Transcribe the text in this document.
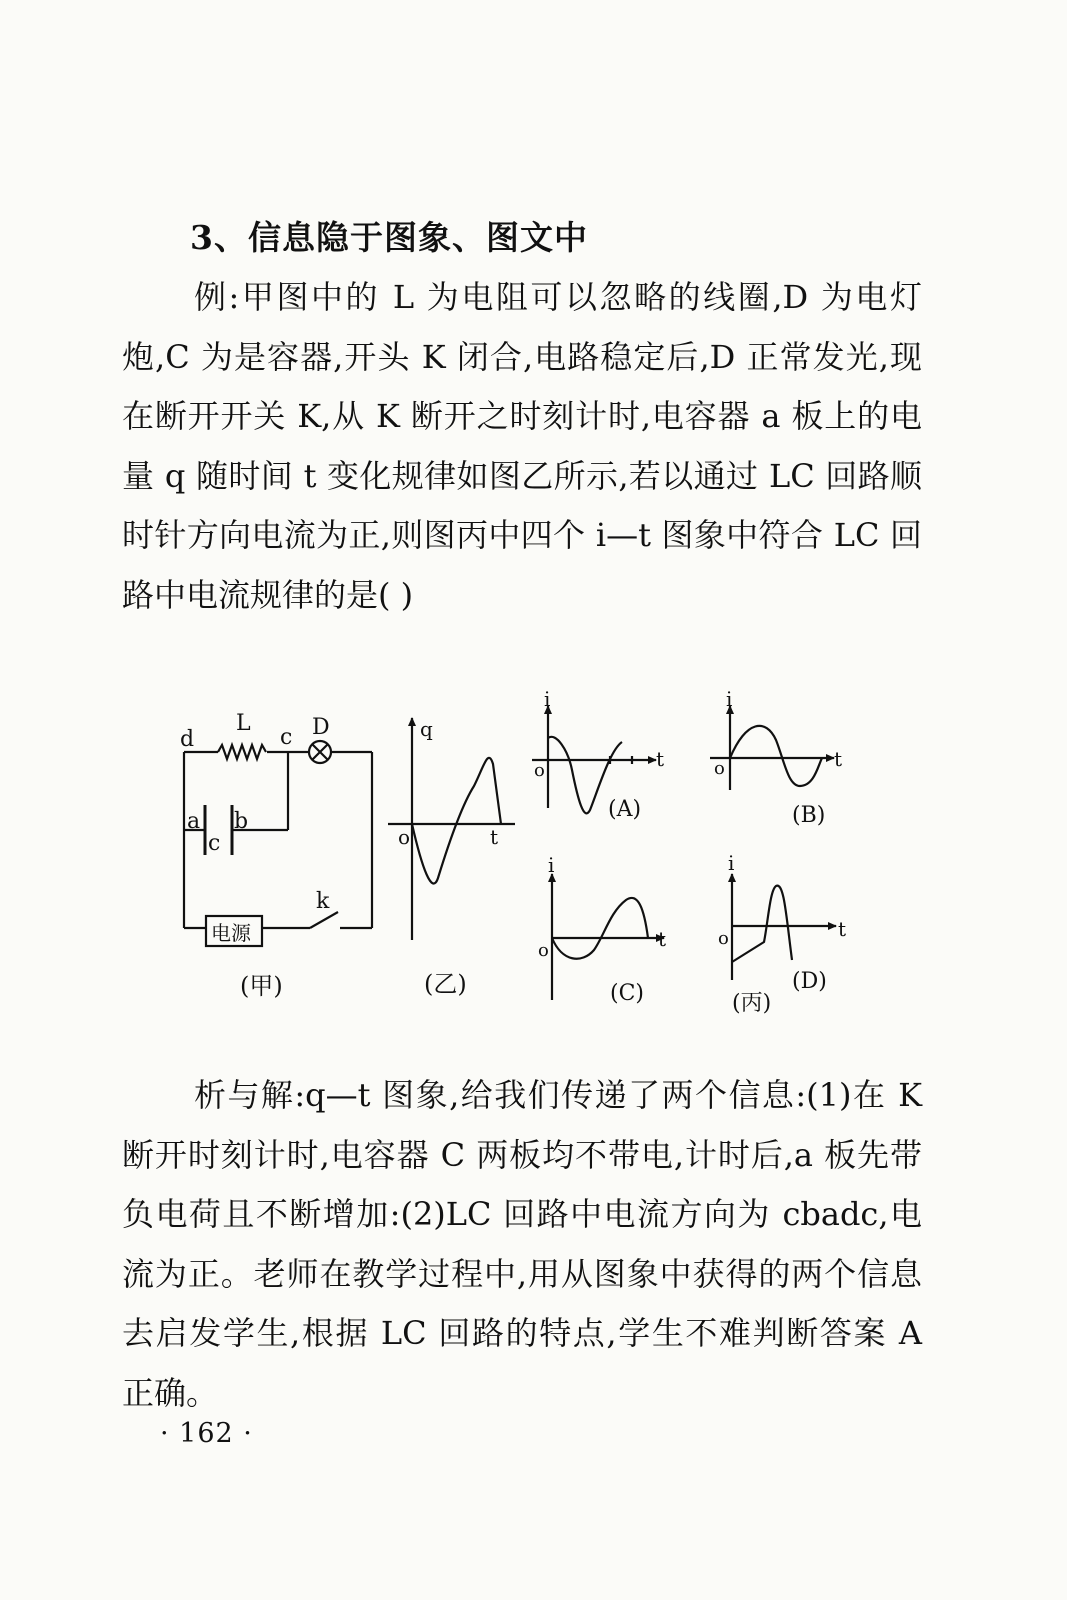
3、信息隐于图象、图文中
例:甲图中的 L 为电阻可以忽略的线圈,D 为电灯炮,C 为是容器,开头 K 闭合,电路稳定后,D 正常发光,现在断开开关 K,从 K 断开之时刻计时,电容器 a 板上的电量 q 随时间 t 变化规律如图乙所示,若以通过 LC 回路顺时针方向电流为正,则图丙中四个 i—t 图象中符合 LC 回路中电流规律的是( )
d
L
c D
a b
c
k
电源
(甲)
q
o	t
(乙)
i
o	t
(A)
i
o	t
(B)
i
o	t
(C)
i
o	t
(D)
(丙)
析与解:q—t 图象,给我们传递了两个信息:(1)在 K 断开时刻计时,电容器 C 两板均不带电,计时后,a 板先带负电荷且不断增加:(2)LC 回路中电流方向为 cbadc,电流为正。老师在教学过程中,用从图象中获得的两个信息去启发学生,根据 LC 回路的特点,学生不难判断答案 A 正确。
· 162 ·
